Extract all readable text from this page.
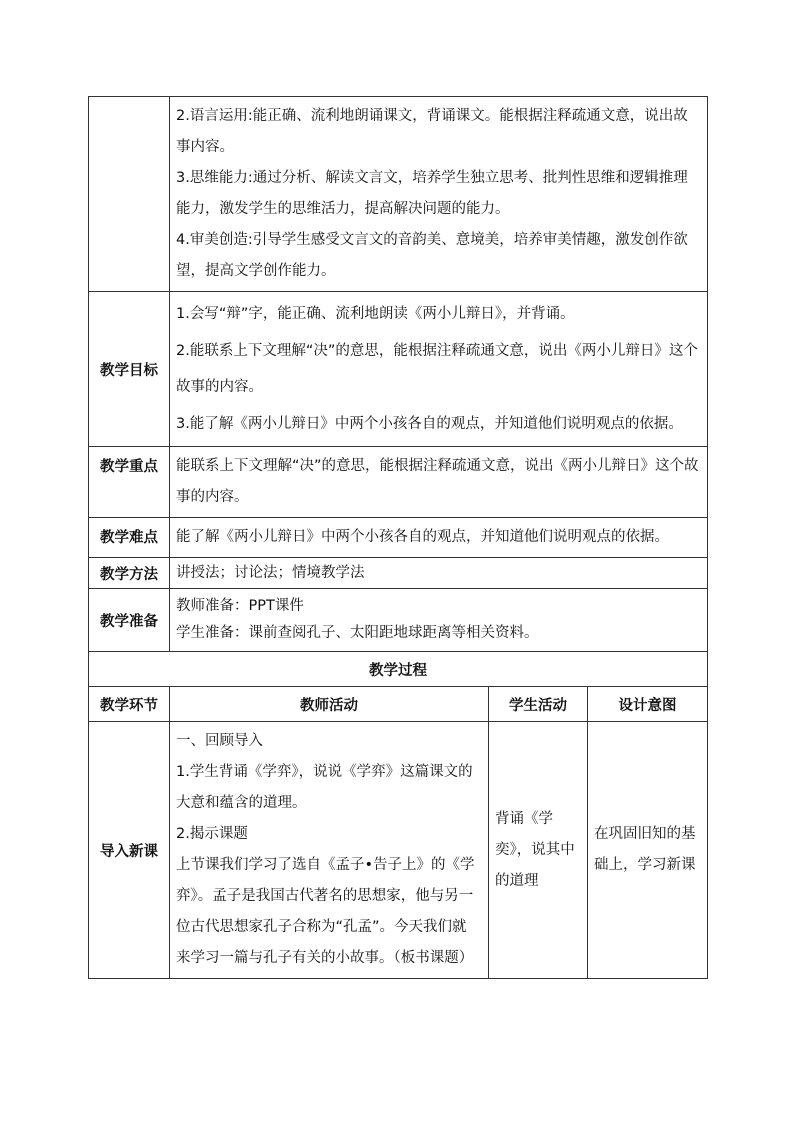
	2.语言运用:能正确、流利地朗诵课文，背诵课文。能根据注释疏通文意，说出故事内容。

3.思维能力:通过分析、解读文言文，培养学生独立思考、批判性思维和逻辑推理能力，激发学生的思维活力，提高解决问题的能力。

4.审美创造:引导学生感受文言文的音韵美、意境美，培养审美情趣，激发创作欲望，提高文学创作能力。		

教学目标	1.会写“辩”字，能正确、流利地朗读《两小儿辩日》，并背诵。

2.能联系上下文理解“决”的意思，能根据注释疏通文意，说出《两小儿辩日》这个故事的内容。

3.能了解《两小儿辩日》中两个小孩各自的观点，并知道他们说明观点的依据。		

教学重点	能联系上下文理解“决”的意思，能根据注释疏通文意，说出《两小儿辩日》这个故事的内容。		

教学难点	能了解《两小儿辩日》中两个小孩各自的观点，并知道他们说明观点的依据。		

教学方法	讲授法；讨论法；情境教学法		

教学准备	教师准备：PPT课件

学生准备：课前查阅孔子、太阳距地球距离等相关资料。		

教学过程			
教学环节	教师活动	学生活动	设计意图
导入新课	一、回顾导入

1.学生背诵《学弈》，说说《学弈》这篇课文的大意和蕴含的道理。

2.揭示课题

上节课我们学习了选自《孟子•告子上》的《学弈》。孟子是我国古代著名的思想家，他与另一位古代思想家孔子合称为“孔孟”。今天我们就来学习一篇与孔子有关的小故事。（板书课题）	背诵《学奕》，说其中的道理	在巩固旧知的基础上，学习新课
